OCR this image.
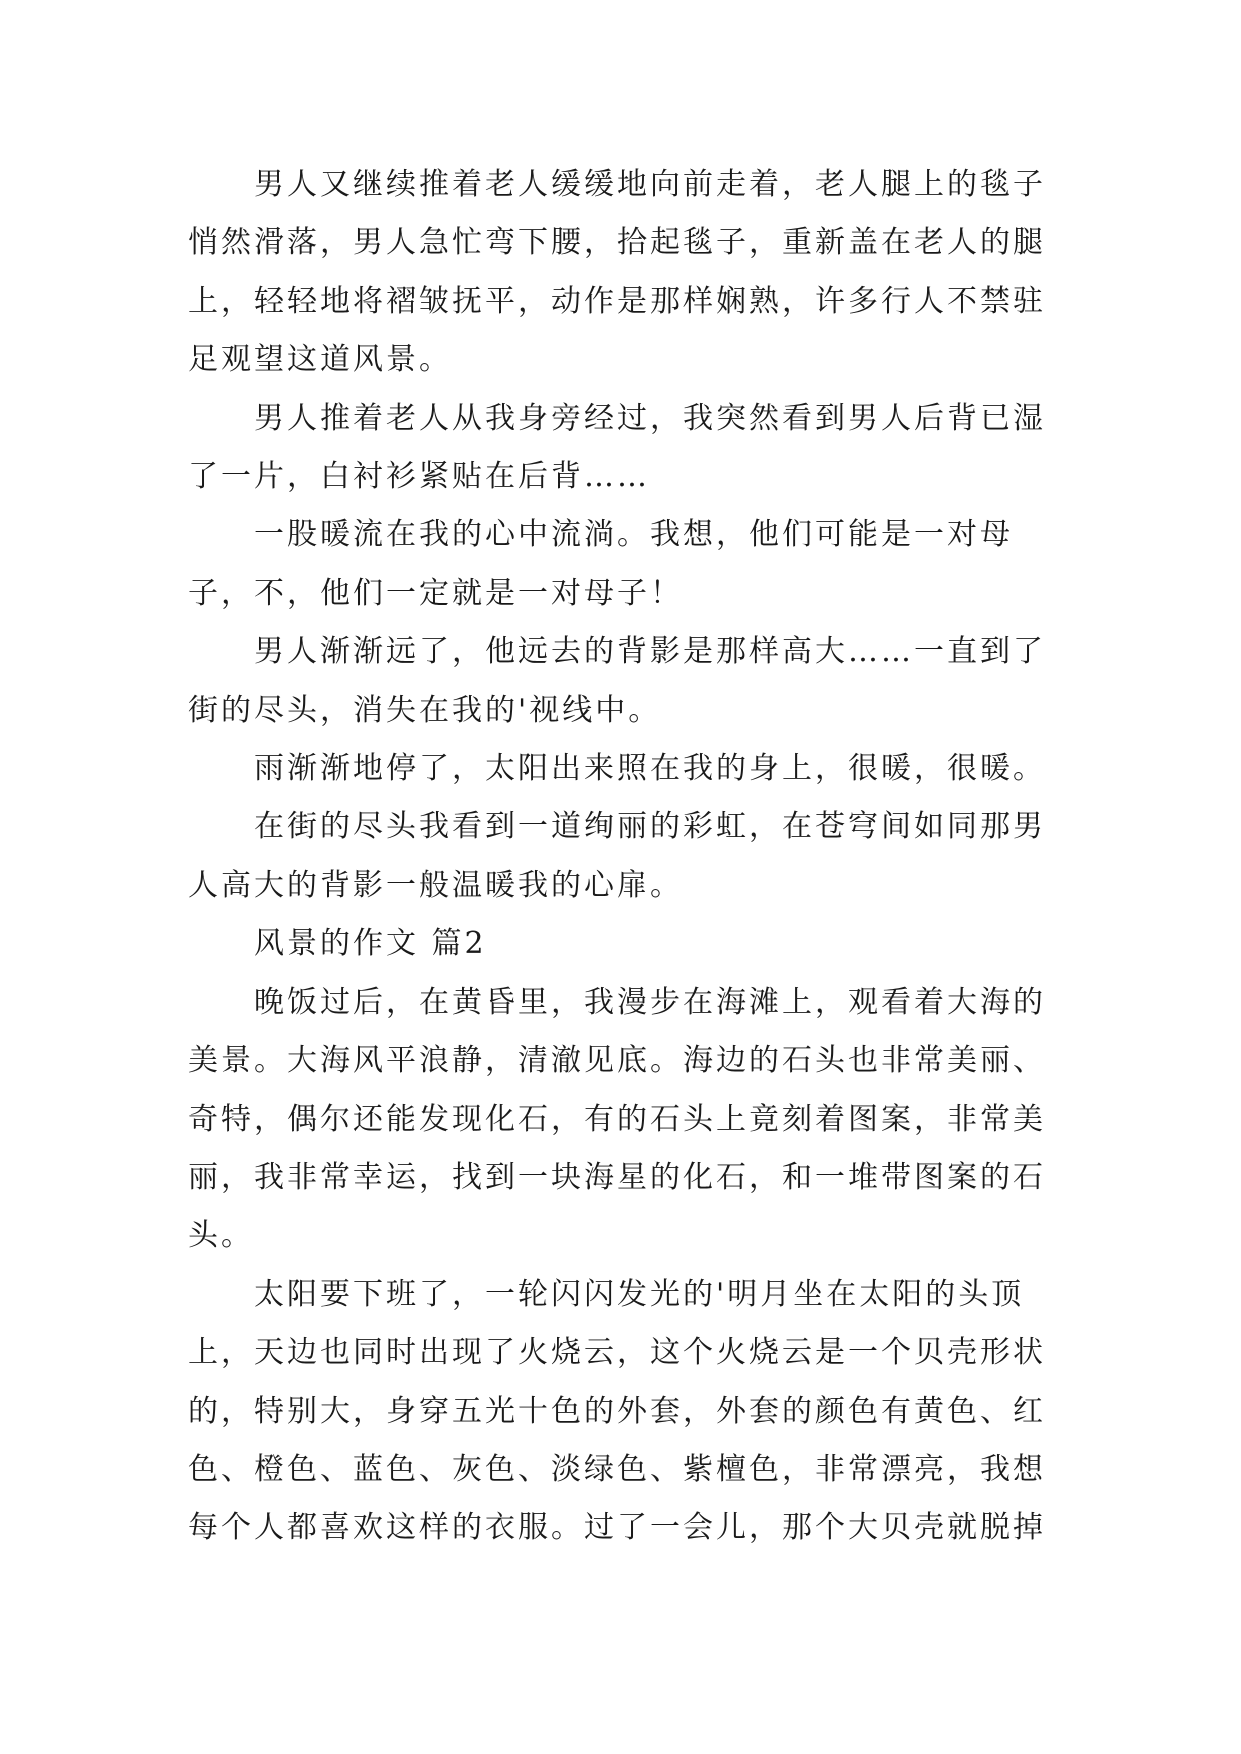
男人又继续推着老人缓缓地向前走着，老人腿上的毯子悄然滑落，男人急忙弯下腰，拾起毯子，重新盖在老人的腿上，轻轻地将褶皱抚平，动作是那样娴熟，许多行人不禁驻足观望这道风景。

男人推着老人从我身旁经过，我突然看到男人后背已湿了一片，白衬衫紧贴在后背……

一股暖流在我的心中流淌。我想，他们可能是一对母子，不，他们一定就是一对母子！

男人渐渐远了，他远去的背影是那样高大……一直到了街的尽头，消失在我的'视线中。

雨渐渐地停了，太阳出来照在我的身上，很暖，很暖。

在街的尽头我看到一道绚丽的彩虹，在苍穹间如同那男人高大的背影一般温暖我的心扉。

风景的作文 篇2

晚饭过后，在黄昏里，我漫步在海滩上，观看着大海的美景。大海风平浪静，清澈见底。海边的石头也非常美丽、奇特，偶尔还能发现化石，有的石头上竟刻着图案，非常美丽，我非常幸运，找到一块海星的化石，和一堆带图案的石头。

太阳要下班了，一轮闪闪发光的'明月坐在太阳的头顶上，天边也同时出现了火烧云，这个火烧云是一个贝壳形状的，特别大，身穿五光十色的外套，外套的颜色有黄色、红色、橙色、蓝色、灰色、淡绿色、紫檀色，非常漂亮，我想每个人都喜欢这样的衣服。过了一会儿，那个大贝壳就脱掉
